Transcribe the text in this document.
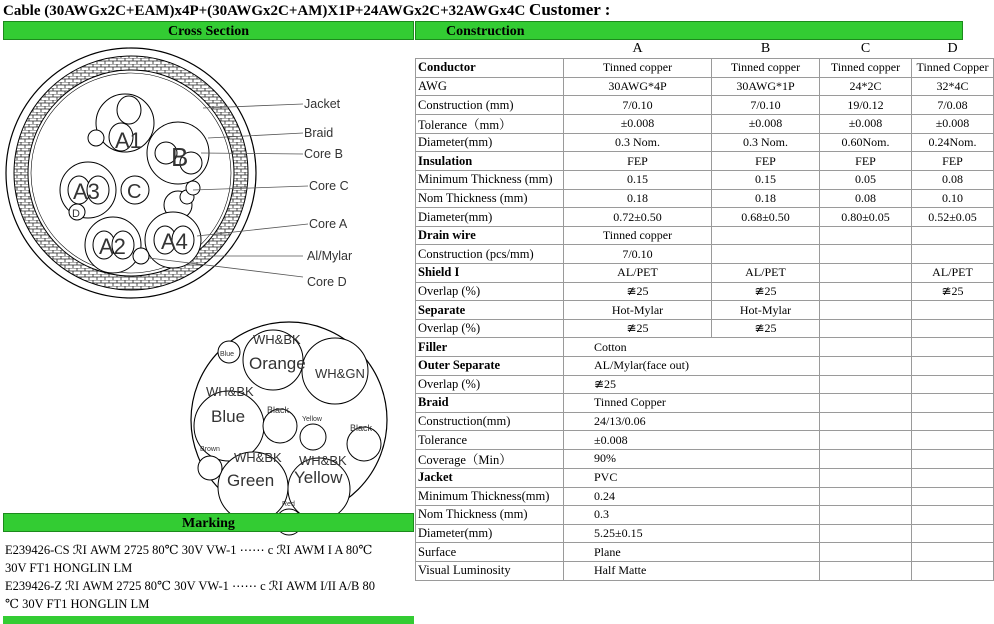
Cable (30AWGx2C+EAM)x4P+(30AWGx2C+AM)X1P+24AWGx2C+32AWGx4C Customer :
Cross Section
A1
B
A3 C
A2 A4
D
Jacket
Braid
Core B
Core C
Core A
Al/Mylar
Core D
WH&BK
Orange
WH&GN
WH&BK
Blue
WH&BK
Green
WH&BK
Yellow
Blue
Black
Yellow
Black
Brown
Red
Marking

E239426-CS ℛІ AWM 2725 80℃ 30V VW-1 ⋯⋯ c ℛІ AWM I A 80℃

30V FT1 HONGLIN LM

E239426-Z ℛІ AWM 2725 80℃ 30V VW-1 ⋯⋯ c ℛІ AWM I/II A/B 80

℃ 30V FT1 HONGLIN LM

Construction
	A	B	C	D
Conductor	Tinned copper	Tinned copper	Tinned copper	Tinned Copper
AWG	30AWG*4P	30AWG*1P	24*2C	32*4C
Construction (mm)	7/0.10	7/0.10	19/0.12	7/0.08
Tolerance（mm）	±0.008	±0.008	±0.008	±0.008
Diameter(mm)	0.3 Nom.	0.3 Nom.	0.60Nom.	0.24Nom.
Insulation	FEP	FEP	FEP	FEP
Minimum Thickness (mm)	0.15	0.15	0.05	0.08
Nom Thickness (mm)	0.18	0.18	0.08	0.10
Diameter(mm)	0.72±0.50	0.68±0.50	0.80±0.05	0.52±0.05
Drain wire	Tinned copper			
Construction (pcs/mm)	7/0.10			
Shield I	AL/PET	AL/PET		AL/PET
Overlap (%)	≇25	≇25		≇25
Separate	Hot-Mylar	Hot-Mylar		
Overlap (%)	≇25	≇25		
Filler	Cotton			
Outer Separate	AL/Mylar(face out)			
Overlap (%)	≇25			
Braid	Tinned Copper			
Construction(mm)	24/13/0.06			
Tolerance	±0.008			
Coverage（Min）	90%			
Jacket	PVC			
Minimum Thickness(mm)	0.24			
Nom Thickness (mm)	0.3			
Diameter(mm)	5.25±0.15			
Surface	Plane			
Visual Luminosity	Half Matte			
